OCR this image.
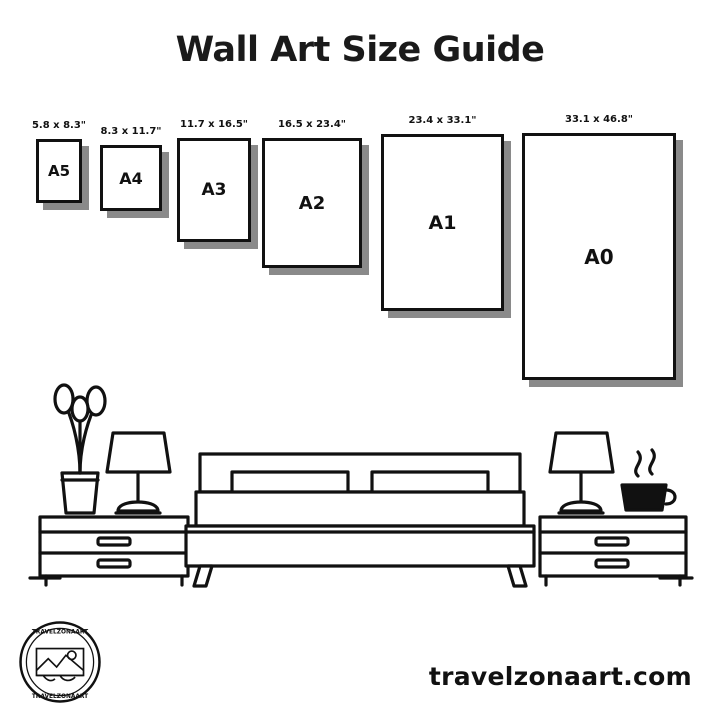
Wall Art Size Guide
A5
5.8 x 8.3"
A4
8.3 x 11.7"
A3
11.7 x 16.5"
A2
16.5 x 23.4"
A1
23.4 x 33.1"
A0
33.1 x 46.8"
TRAVELZONAART
TRAVELZONAART
travelzonaart.com
